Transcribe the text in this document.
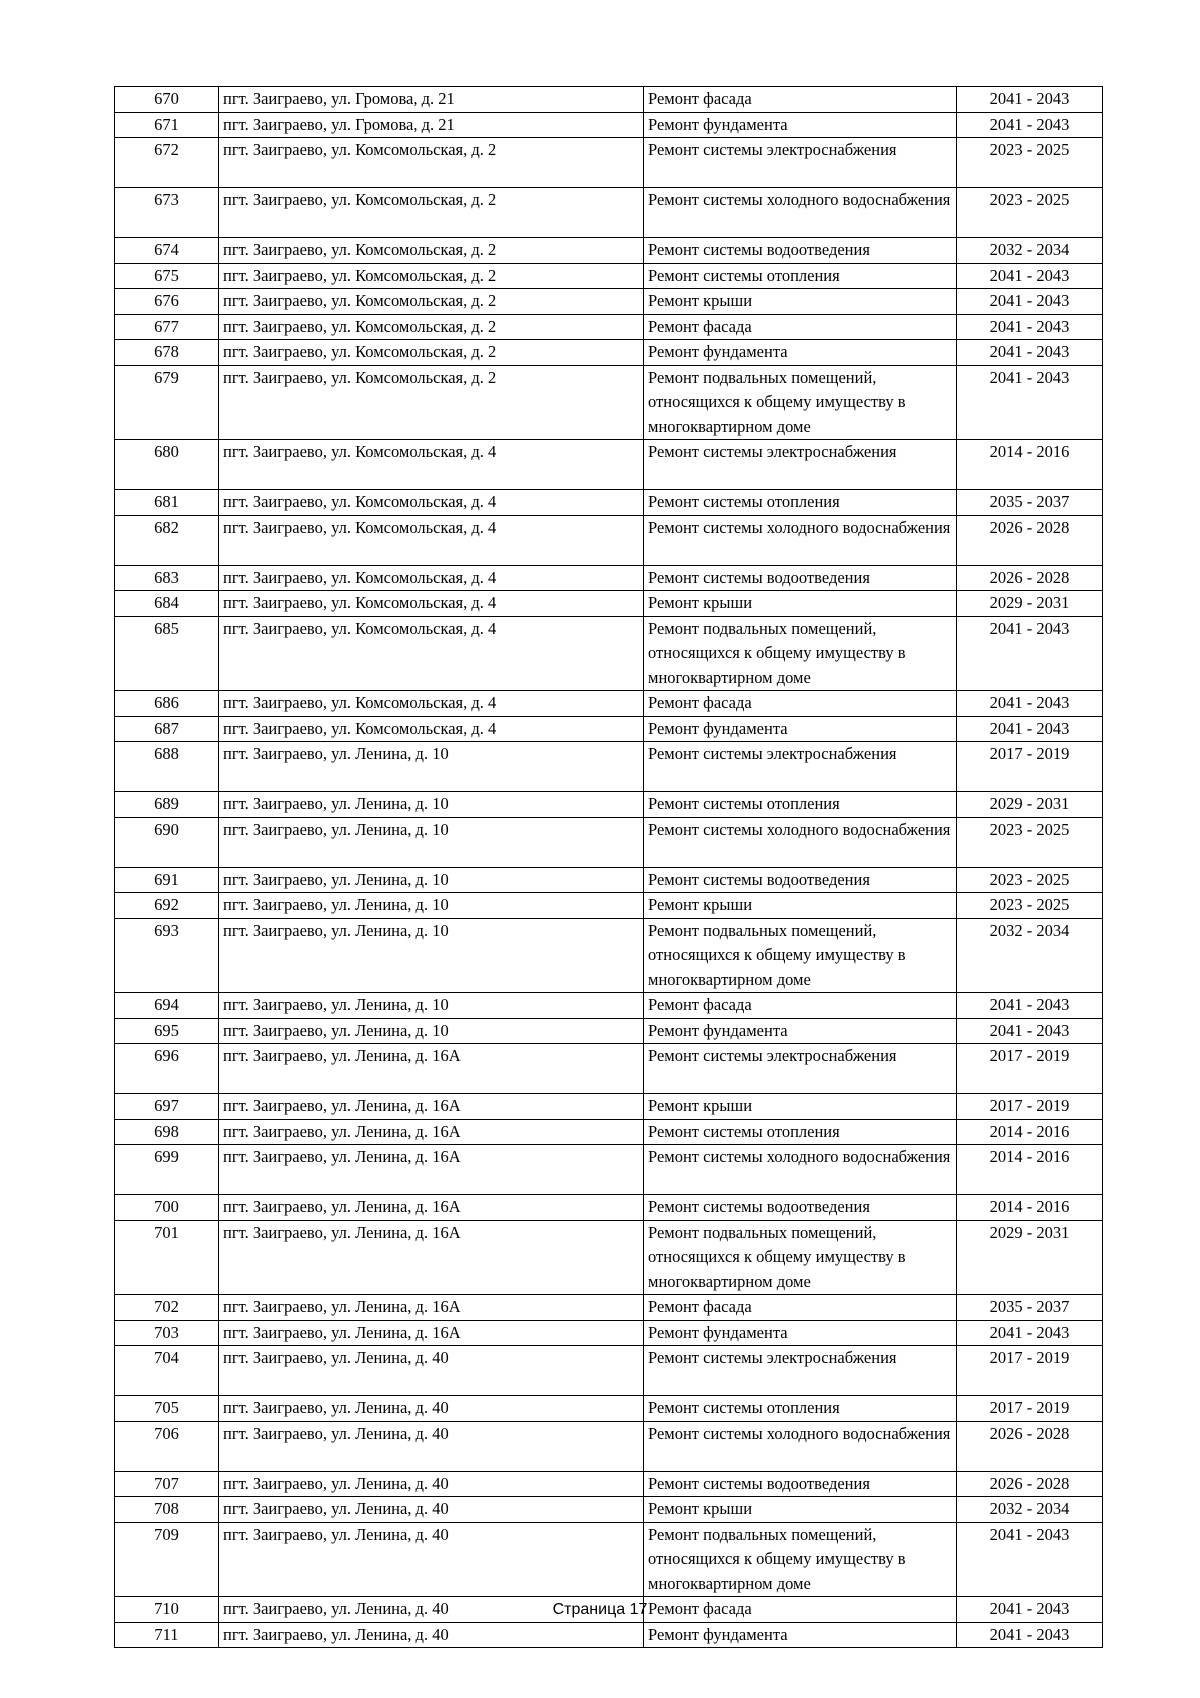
670	пгт. Заиграево, ул. Громова, д. 21	Ремонт фасада	2041 - 2043
671	пгт. Заиграево, ул. Громова, д. 21	Ремонт фундамента	2041 - 2043
672	пгт. Заиграево, ул. Комсомольская, д. 2	Ремонт системы электроснабжения	2023 - 2025
673	пгт. Заиграево, ул. Комсомольская, д. 2	Ремонт системы холодного водоснабжения	2023 - 2025
674	пгт. Заиграево, ул. Комсомольская, д. 2	Ремонт системы водоотведения	2032 - 2034
675	пгт. Заиграево, ул. Комсомольская, д. 2	Ремонт системы отопления	2041 - 2043
676	пгт. Заиграево, ул. Комсомольская, д. 2	Ремонт крыши	2041 - 2043
677	пгт. Заиграево, ул. Комсомольская, д. 2	Ремонт фасада	2041 - 2043
678	пгт. Заиграево, ул. Комсомольская, д. 2	Ремонт фундамента	2041 - 2043
679	пгт. Заиграево, ул. Комсомольская, д. 2	Ремонт подвальных помещений, относящихся к общему имуществу в многоквартирном доме	2041 - 2043
680	пгт. Заиграево, ул. Комсомольская, д. 4	Ремонт системы электроснабжения	2014 - 2016
681	пгт. Заиграево, ул. Комсомольская, д. 4	Ремонт системы отопления	2035 - 2037
682	пгт. Заиграево, ул. Комсомольская, д. 4	Ремонт системы холодного водоснабжения	2026 - 2028
683	пгт. Заиграево, ул. Комсомольская, д. 4	Ремонт системы водоотведения	2026 - 2028
684	пгт. Заиграево, ул. Комсомольская, д. 4	Ремонт крыши	2029 - 2031
685	пгт. Заиграево, ул. Комсомольская, д. 4	Ремонт подвальных помещений, относящихся к общему имуществу в многоквартирном доме	2041 - 2043
686	пгт. Заиграево, ул. Комсомольская, д. 4	Ремонт фасада	2041 - 2043
687	пгт. Заиграево, ул. Комсомольская, д. 4	Ремонт фундамента	2041 - 2043
688	пгт. Заиграево, ул. Ленина, д. 10	Ремонт системы электроснабжения	2017 - 2019
689	пгт. Заиграево, ул. Ленина, д. 10	Ремонт системы отопления	2029 - 2031
690	пгт. Заиграево, ул. Ленина, д. 10	Ремонт системы холодного водоснабжения	2023 - 2025
691	пгт. Заиграево, ул. Ленина, д. 10	Ремонт системы водоотведения	2023 - 2025
692	пгт. Заиграево, ул. Ленина, д. 10	Ремонт крыши	2023 - 2025
693	пгт. Заиграево, ул. Ленина, д. 10	Ремонт подвальных помещений, относящихся к общему имуществу в многоквартирном доме	2032 - 2034
694	пгт. Заиграево, ул. Ленина, д. 10	Ремонт фасада	2041 - 2043
695	пгт. Заиграево, ул. Ленина, д. 10	Ремонт фундамента	2041 - 2043
696	пгт. Заиграево, ул. Ленина, д. 16А	Ремонт системы электроснабжения	2017 - 2019
697	пгт. Заиграево, ул. Ленина, д. 16А	Ремонт крыши	2017 - 2019
698	пгт. Заиграево, ул. Ленина, д. 16А	Ремонт системы отопления	2014 - 2016
699	пгт. Заиграево, ул. Ленина, д. 16А	Ремонт системы холодного водоснабжения	2014 - 2016
700	пгт. Заиграево, ул. Ленина, д. 16А	Ремонт системы водоотведения	2014 - 2016
701	пгт. Заиграево, ул. Ленина, д. 16А	Ремонт подвальных помещений, относящихся к общему имуществу в многоквартирном доме	2029 - 2031
702	пгт. Заиграево, ул. Ленина, д. 16А	Ремонт фасада	2035 - 2037
703	пгт. Заиграево, ул. Ленина, д. 16А	Ремонт фундамента	2041 - 2043
704	пгт. Заиграево, ул. Ленина, д. 40	Ремонт системы электроснабжения	2017 - 2019
705	пгт. Заиграево, ул. Ленина, д. 40	Ремонт системы отопления	2017 - 2019
706	пгт. Заиграево, ул. Ленина, д. 40	Ремонт системы холодного водоснабжения	2026 - 2028
707	пгт. Заиграево, ул. Ленина, д. 40	Ремонт системы водоотведения	2026 - 2028
708	пгт. Заиграево, ул. Ленина, д. 40	Ремонт крыши	2032 - 2034
709	пгт. Заиграево, ул. Ленина, д. 40	Ремонт подвальных помещений, относящихся к общему имуществу в многоквартирном доме	2041 - 2043
710	пгт. Заиграево, ул. Ленина, д. 40	Ремонт фасада	2041 - 2043
711	пгт. Заиграево, ул. Ленина, д. 40	Ремонт фундамента	2041 - 2043
Страница 17
